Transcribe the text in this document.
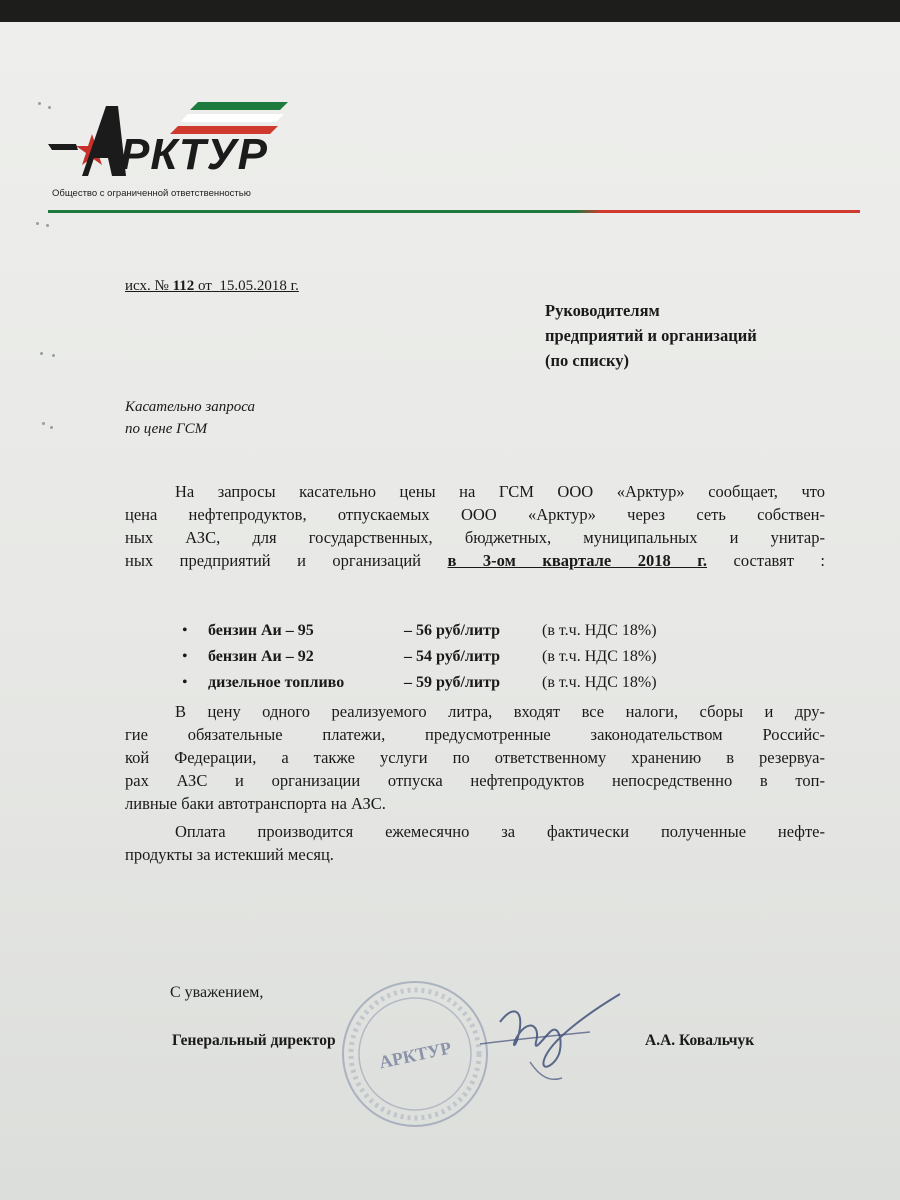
РКТУР
Общество с ограниченной ответственностью
исх. № 112 от 15.05.2018 г.
Руководителям
предприятий и организаций
(по списку)
Касательно запроса
по цене ГСМ
На запросы касательно цены на ГСМ ООО «Арктур» сообщает, что
цена нефтепродуктов, отпускаемых ООО «Арктур» через сеть собствен-
ных АЗС, для государственных, бюджетных, муниципальных и унитар-
ных предприятий и организаций в 3-ом квартале 2018 г. составят :
• бензин Аи – 95	– 56 руб/литр	(в т.ч. НДС 18%)
• бензин Аи – 92	– 54 руб/литр	(в т.ч. НДС 18%)
• дизельное топливо	– 59 руб/литр	(в т.ч. НДС 18%)
В цену одного реализуемого литра, входят все налоги, сборы и дру-
гие обязательные платежи, предусмотренные законодательством Российс-
кой Федерации, а также услуги по ответственному хранению в резервуа-
рах АЗС и организации отпуска нефтепродуктов непосредственно в топ-
ливные баки автотранспорта на АЗС.
Оплата производится ежемесячно за фактически полученные нефте-
продукты за истекший месяц.
С уважением,
Генеральный директор	А.А. Ковальчук
АРКТУР
